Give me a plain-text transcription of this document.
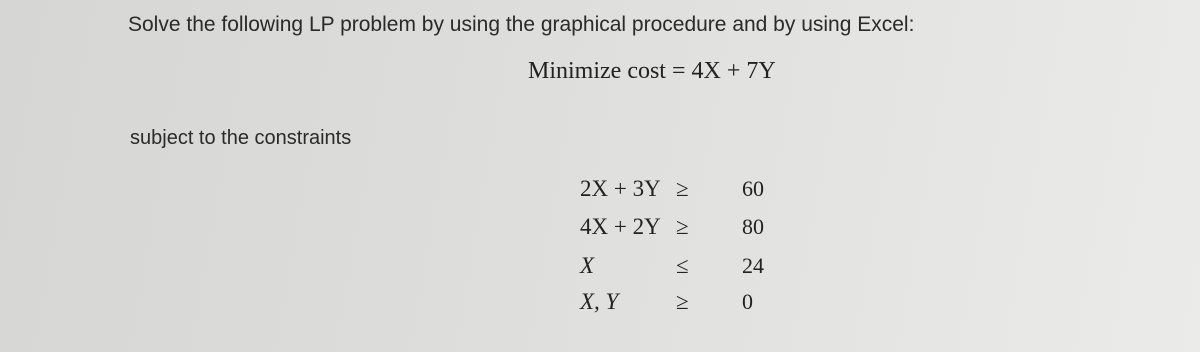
Solve the following LP problem by using the graphical procedure and by using Excel:
Minimize cost = 4X + 7Y
subject to the constraints
2X + 3Y ≥ 60
4X + 2Y ≥ 80
X	≤ 24
X, Y	≥ 0
